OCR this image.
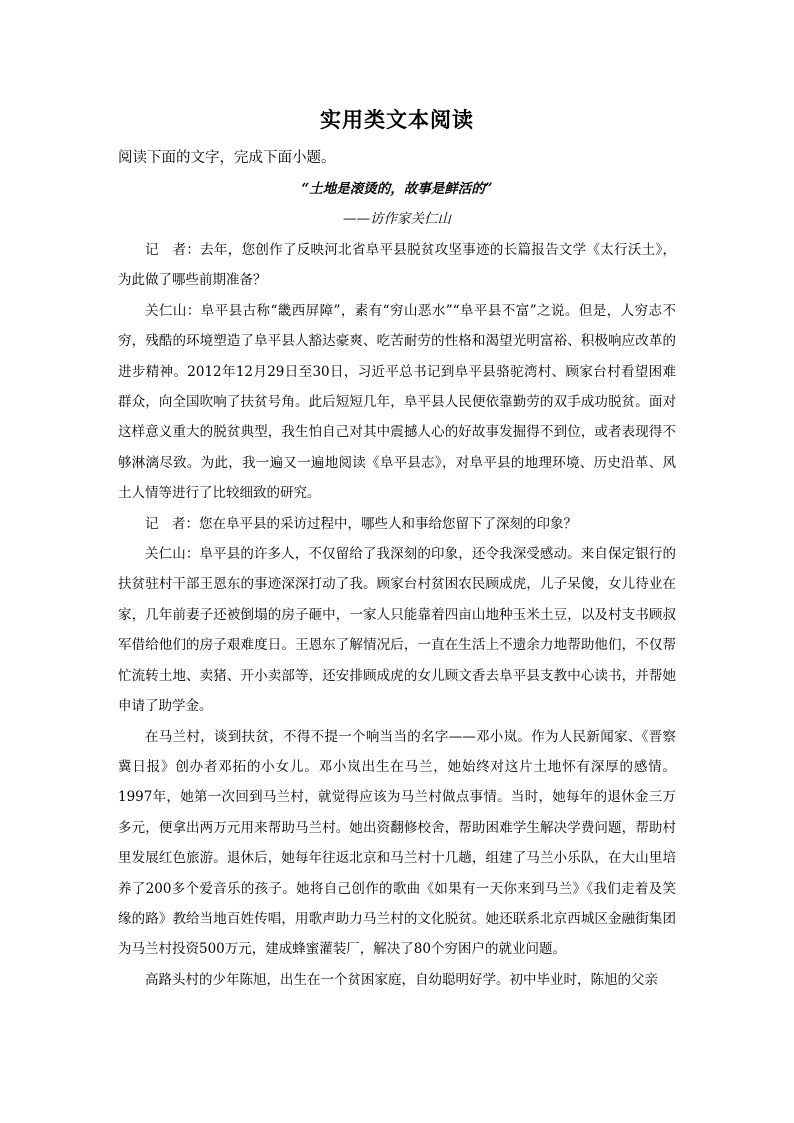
实用类文本阅读
阅读下面的文字，完成下面小题。
“土地是滚烫的，故事是鲜活的”
——访作家关仁山

记　者：去年，您创作了反映河北省阜平县脱贫攻坚事迹的长篇报告文学《太行沃土》，为此做了哪些前期准备？

关仁山：阜平县古称“畿西屏障”，素有“穷山恶水”“阜平县不富”之说。但是，人穷志不穷，残酷的环境塑造了阜平县人豁达豪爽、吃苦耐劳的性格和渴望光明富裕、积极响应改革的进步精神。2012年12月29日至30日，习近平总书记到阜平县骆驼湾村、顾家台村看望困难群众，向全国吹响了扶贫号角。此后短短几年，阜平县人民便依靠勤劳的双手成功脱贫。面对这样意义重大的脱贫典型，我生怕自己对其中震撼人心的好故事发掘得不到位，或者表现得不够淋漓尽致。为此，我一遍又一遍地阅读《阜平县志》，对阜平县的地理环境、历史沿革、风土人情等进行了比较细致的研究。

记　者：您在阜平县的采访过程中，哪些人和事给您留下了深刻的印象？

关仁山：阜平县的许多人，不仅留给了我深刻的印象，还令我深受感动。来自保定银行的扶贫驻村干部王恩东的事迹深深打动了我。顾家台村贫困农民顾成虎，儿子呆傻，女儿待业在家，几年前妻子还被倒塌的房子砸中，一家人只能靠着四亩山地种玉米土豆，以及村支书顾叔军借给他们的房子艰难度日。王恩东了解情况后，一直在生活上不遗余力地帮助他们，不仅帮忙流转土地、卖猪、开小卖部等，还安排顾成虎的女儿顾文香去阜平县支教中心读书，并帮她申请了助学金。

在马兰村，谈到扶贫，不得不提一个响当当的名字——邓小岚。作为人民新闻家、《晋察冀日报》创办者邓拓的小女儿。邓小岚出生在马兰，她始终对这片土地怀有深厚的感情。1997年，她第一次回到马兰村，就觉得应该为马兰村做点事情。当时，她每年的退休金三万多元，便拿出两万元用来帮助马兰村。她出资翻修校舍，帮助困难学生解决学费问题，帮助村里发展红色旅游。退休后，她每年往返北京和马兰村十几趟，组建了马兰小乐队，在大山里培养了200多个爱音乐的孩子。她将自己创作的歌曲《如果有一天你来到马兰》《我们走着及笑缘的路》教给当地百姓传唱，用歌声助力马兰村的文化脱贫。她还联系北京西城区金融街集团为马兰村投资500万元，建成蜂蜜灌装厂，解决了80个穷困户的就业问题。

高路头村的少年陈旭，出生在一个贫困家庭，自幼聪明好学。初中毕业时，陈旭的父亲
